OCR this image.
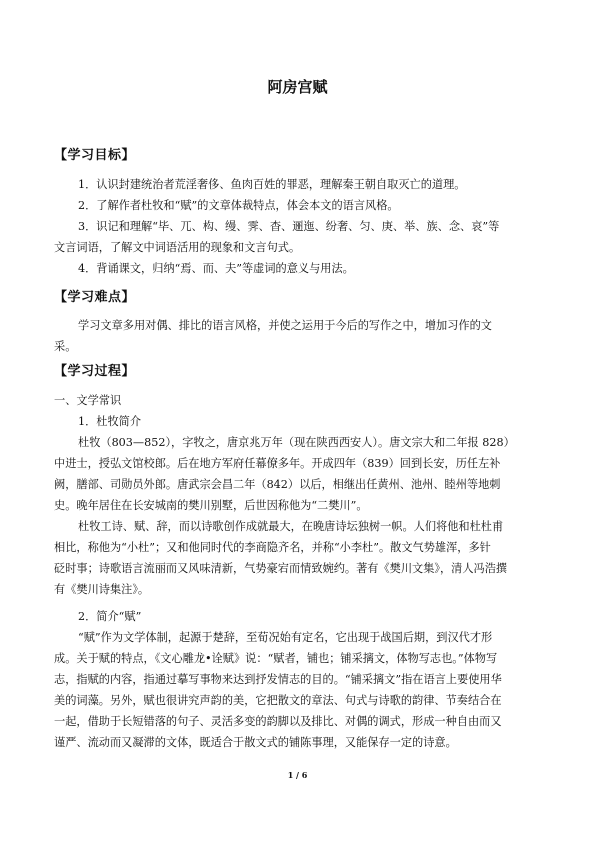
阿房宫赋
【学习目标】
1．认识封建统治者荒淫奢侈、鱼肉百姓的罪恶，理解秦王朝自取灭亡的道理。
2．了解作者杜牧和“赋”的文章体裁特点，体会本文的语言风格。
3．识记和理解“毕、兀、构、缦、霁、杳、逦迤、纷奢、匀、庚、举、族、念、哀”等
文言词语，了解文中词语活用的现象和文言句式。
4．背诵课文，归纳“焉、而、夫”等虚词的意义与用法。
【学习难点】
学习文章多用对偶、排比的语言风格，并使之运用于今后的写作之中，增加习作的文
采。
【学习过程】
一、文学常识
1．杜牧简介
杜牧（803—852），字牧之，唐京兆万年（现在陕西西安人）。唐文宗大和二年报 828）
中进士，授弘文馆校郎。后在地方军府任幕僚多年。开成四年（839）回到长安，历任左补
阙，膳部、司勋员外郎。唐武宗会昌二年（842）以后，相继出任黄州、池州、睦州等地刺
史。晚年居住在长安城南的樊川别墅，后世因称他为“二樊川”。
杜牧工诗、赋、辞，而以诗歌创作成就最大，在晚唐诗坛独树一帜。人们将他和杜杜甫
相比，称他为“小杜”；又和他同时代的李商隐齐名，并称“小李杜”。散文气势雄浑，多针
砭时事；诗歌语言流丽而又风味清新，气势豪宕而情致婉约。著有《樊川文集》，清人冯浩撰
有《樊川诗集注》。
2．简介“赋”
“赋”作为文学体制，起源于楚辞，至荀况始有定名，它出现于战国后期，到汉代才形
成。关于赋的特点，《文心雕龙•诠赋》说：“赋者，铺也；铺采摛文，体物写志也。”体物写
志，指赋的内容，指通过摹写事物来达到抒发情志的目的。“铺采摛文”指在语言上要使用华
美的词藻。另外，赋也很讲究声韵的美，它把散文的章法、句式与诗歌的韵律、节奏结合在
一起，借助于长短错落的句子、灵活多变的韵脚以及排比、对偶的调式，形成一种自由而又
谨严、流动而又凝滞的文体，既适合于散文式的铺陈事理，又能保存一定的诗意。
1 / 6
